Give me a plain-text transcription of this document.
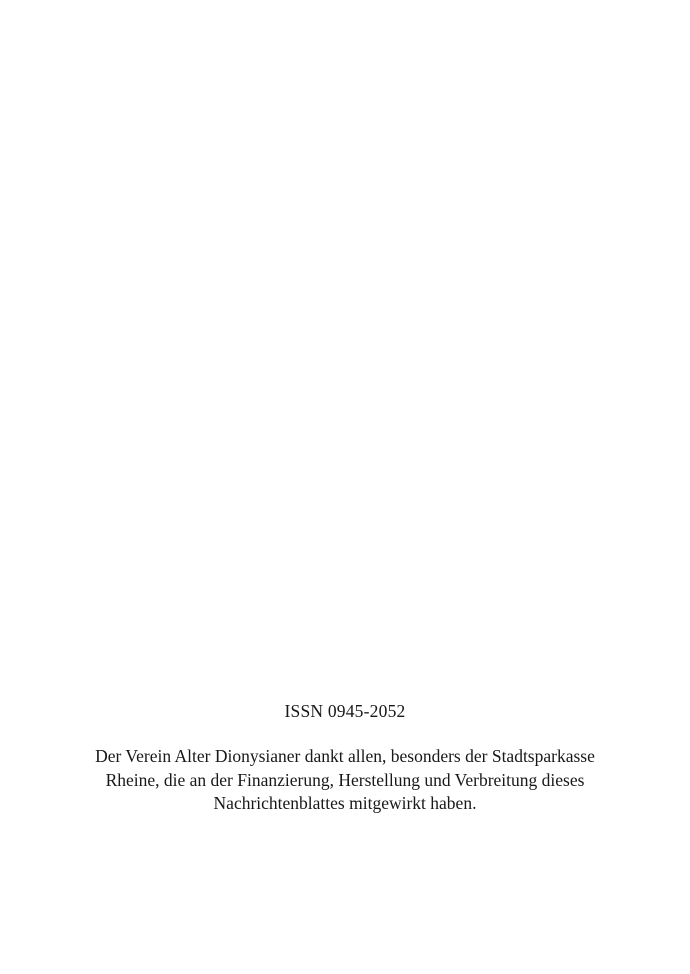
ISSN 0945-2052

Der Verein Alter Dionysianer dankt allen, besonders der Stadtsparkasse Rheine, die an der Finanzierung, Herstellung und Verbreitung dieses Nachrichtenblattes mitgewirkt haben.
